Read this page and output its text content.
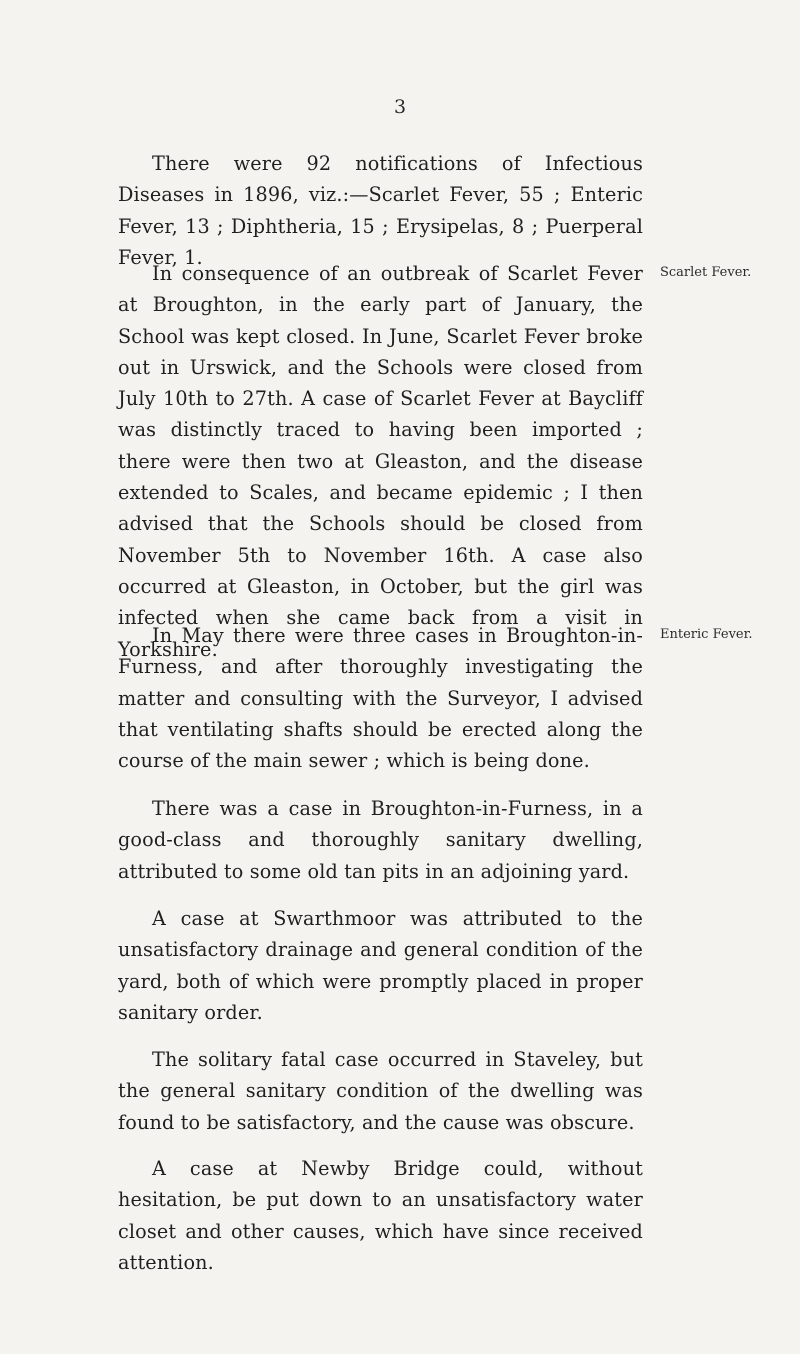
3

There were 92 notifications of Infectious Diseases in 1896, viz.:—Scarlet Fever, 55 ; Enteric Fever, 13 ; Diphtheria, 15 ; Erysipelas, 8 ; Puerperal Fever, 1.

In consequence of an outbreak of Scarlet Fever at Broughton, in the early part of January, the School was kept closed. In June, Scarlet Fever broke out in Urswick, and the Schools were closed from July 10th to 27th. A case of Scarlet Fever at Baycliff was distinctly traced to having been imported ; there were then two at Gleaston, and the disease extended to Scales, and became epidemic ; I then advised that the Schools should be closed from November 5th to November 16th. A case also occurred at Gleaston, in October, but the girl was infected when she came back from a visit in Yorkshire.

Scarlet Fever.

In May there were three cases in Broughton-in-Furness, and after thoroughly investigating the matter and consulting with the Surveyor, I advised that ventilating shafts should be erected along the course of the main sewer ; which is being done.

Enteric Fever.

There was a case in Broughton-in-Furness, in a good-class and thoroughly sanitary dwelling, attributed to some old tan pits in an adjoining yard.

A case at Swarthmoor was attributed to the unsatisfactory drainage and general condition of the yard, both of which were promptly placed in proper sanitary order.

The solitary fatal case occurred in Staveley, but the general sanitary condition of the dwelling was found to be satisfactory, and the cause was obscure.

A case at Newby Bridge could, without hesitation, be put down to an unsatisfactory water closet and other causes, which have since received attention.
